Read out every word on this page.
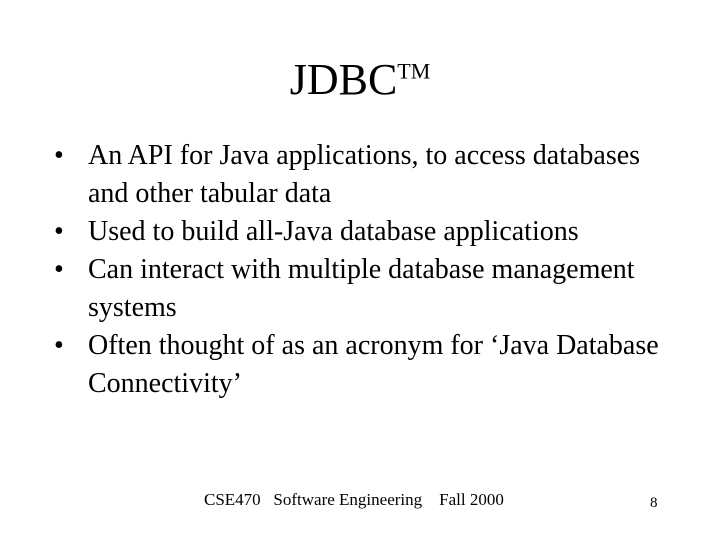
JDBC™
• An API for Java applications, to access databases and other tabular data
• Used to build all-Java database applications
• Can interact with multiple database management systems
• Often thought of as an acronym for ‘Java Database Connectivity’
CSE470   Software Engineering    Fall 2000	8
